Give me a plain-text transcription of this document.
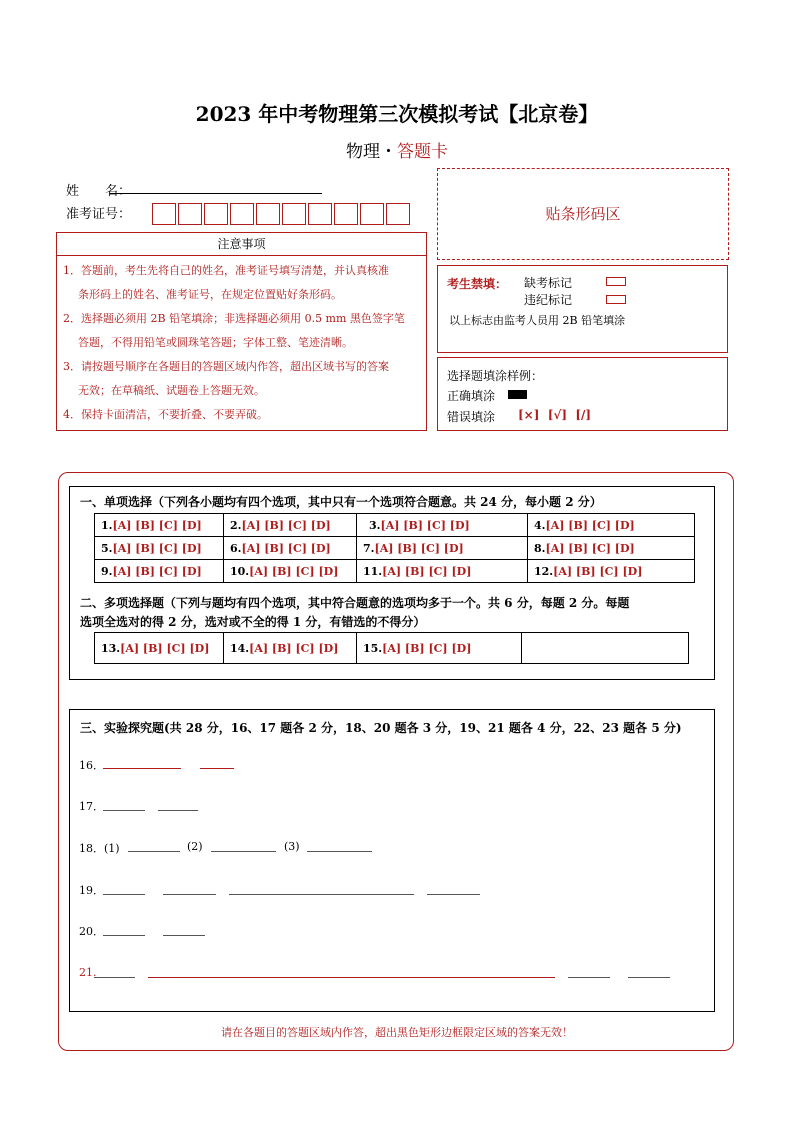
2023 年中考物理第三次模拟考试【北京卷】
物理・答题卡
姓　　名：
准考证号：	贴条形码区
注意事项
1．答题前，考生先将自己的姓名，准考证号填写清楚，并认真核准
条形码上的姓名、准考证号，在规定位置贴好条形码。
2．选择题必须用 2B 铅笔填涂；非选择题必须用 0.5 mm 黑色签字笔
答题，不得用铅笔或圆珠笔答题；字体工整、笔迹清晰。
3．请按题号顺序在各题目的答题区域内作答，超出区域书写的答案
无效；在草稿纸、试题卷上答题无效。
4．保持卡面清洁，不要折叠、不要弄破。
考生禁填： 缺考标记
违纪标记
以上标志由监考人员用 2B 铅笔填涂
选择题填涂样例：
正确填涂
错误填涂 [×]  [√]  [/]
一、单项选择（下列各小题均有四个选项，其中只有一个选项符合题意。共 24 分，每小题 2 分）
1.[A] [B] [C] [D]	2.[A] [B] [C] [D]	3.[A] [B] [C] [D]	4.[A] [B] [C] [D]
5.[A] [B] [C] [D]	6.[A] [B] [C] [D]	7.[A] [B] [C] [D]	8.[A] [B] [C] [D]
9.[A] [B] [C] [D]	10.[A] [B] [C] [D]	11.[A] [B] [C] [D]	12.[A] [B] [C] [D]
二、多项选择题（下列与题均有四个选项，其中符合题意的选项均多于一个。共 6 分，每题 2 分。每题
选项全选对的得 2 分，选对或不全的得 1 分，有错选的不得分）
13.[A] [B] [C] [D]	14.[A] [B] [C] [D]	15.[A] [B] [C] [D]	
三、实验探究题(共 28 分，16、17 题各 2 分，18、20 题各 3 分，19、21 题各 4 分，22、23 题各 5 分)
16．
17．
18．(1)	(2)	(3)
19．
20．
21.
请在各题目的答题区域内作答，超出黑色矩形边框限定区域的答案无效！
